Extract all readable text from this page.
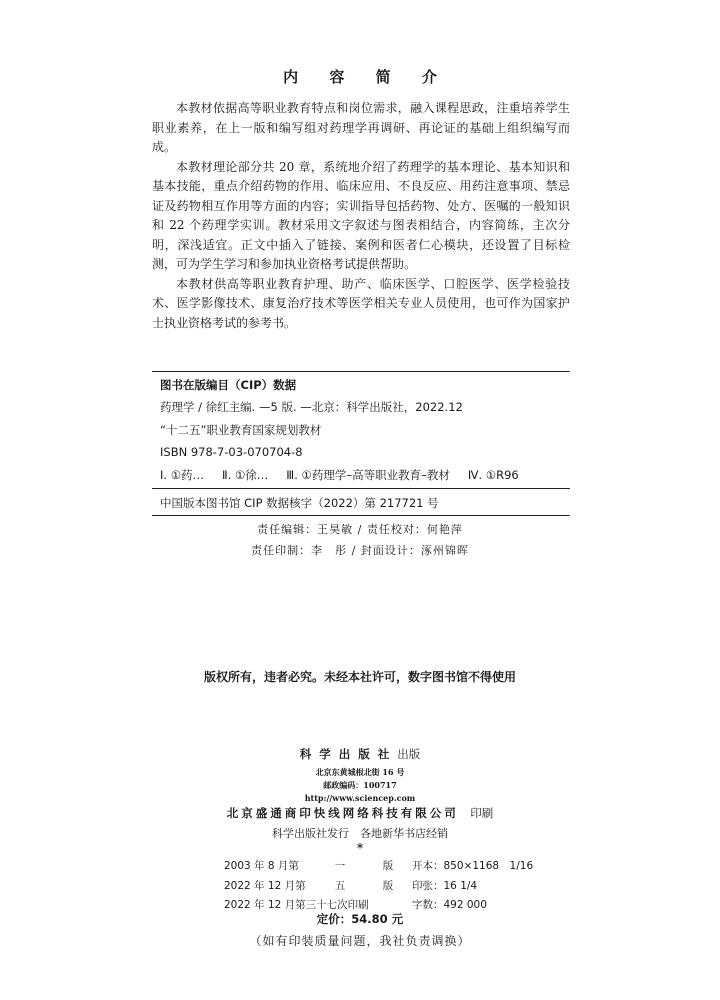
内 容 简 介

本教材依据高等职业教育特点和岗位需求，融入课程思政，注重培养学生职业素养，在上一版和编写组对药理学再调研、再论证的基础上组织编写而成。

本教材理论部分共 20 章，系统地介绍了药理学的基本理论、基本知识和基本技能，重点介绍药物的作用、临床应用、不良反应、用药注意事项、禁忌证及药物相互作用等方面的内容；实训指导包括药物、处方、医嘱的一般知识和 22 个药理学实训。教材采用文字叙述与图表相结合，内容简练，主次分明，深浅适宜。正文中插入了链接、案例和医者仁心模块，还设置了目标检测，可为学生学习和参加执业资格考试提供帮助。

本教材供高等职业教育护理、助产、临床医学、口腔医学、医学检验技术、医学影像技术、康复治疗技术等医学相关专业人员使用，也可作为国家护士执业资格考试的参考书。

图书在版编目（CIP）数据
药理学 / 徐红主编. —5 版. —北京：科学出版社，2022.12
“十二五”职业教育国家规划教材
ISBN 978-7-03-070704-8
Ⅰ. ①药… Ⅱ. ①徐… Ⅲ. ①药理学–高等职业教育–教材 Ⅳ. ①R96
中国版本图书馆 CIP 数据核字（2022）第 217721 号
责任编辑：王昊敏 / 责任校对：何艳萍
责任印制：李　彤 / 封面设计：涿州锦晖
版权所有，违者必究。未经本社许可，数字图书馆不得使用
科学出版社出版
北京东黄城根北街 16 号
邮政编码：100717
http://www.sciencep.com
北京盛通商印快线网络科技有限公司　 印刷
科学出版社发行　各地新华书店经销
*
2003 年 8 月第	一	版	开本：850×1168　1/16
2022 年 12 月第	五	版	印张：16 1/4
2022 年 12 月第三十七次印刷	字数：492 000
定价：54.80 元
（如有印装质量问题，我社负责调换）
